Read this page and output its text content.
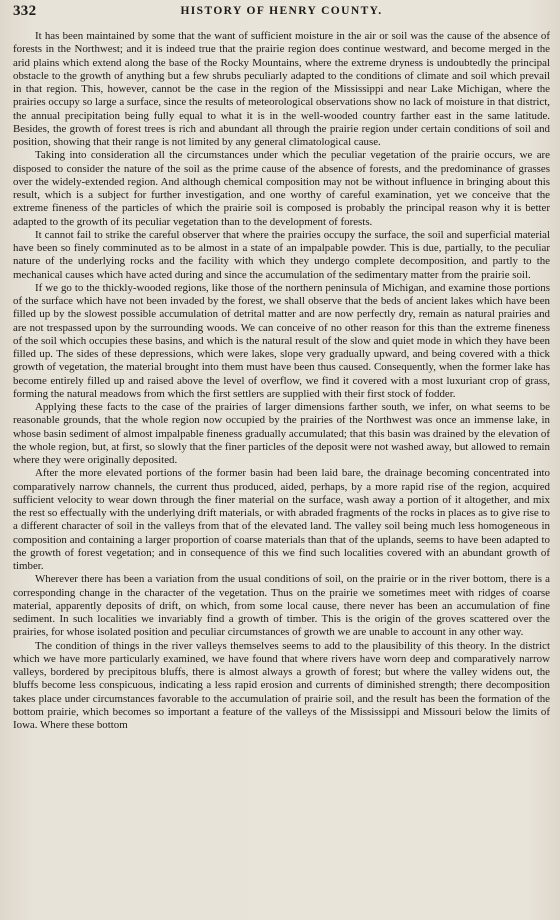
332	HISTORY OF HENRY COUNTY.

It has been maintained by some that the want of sufficient moisture in the air or soil was the cause of the absence of forests in the Northwest; and it is indeed true that the prairie region does continue westward, and become merged in the arid plains which extend along the base of the Rocky Mountains, where the extreme dryness is undoubtedly the principal obstacle to the growth of anything but a few shrubs peculiarly adapted to the conditions of climate and soil which prevail in that region. This, however, cannot be the case in the region of the Mississippi and near Lake Michigan, where the prairies occupy so large a surface, since the results of meteorological observations show no lack of moisture in that district, the annual precipitation being fully equal to what it is in the well-wooded country farther east in the same latitude. Besides, the growth of forest trees is rich and abundant all through the prairie region under certain conditions of soil and position, showing that their range is not limited by any general climatological cause.

Taking into consideration all the circumstances under which the peculiar vegetation of the prairie occurs, we are disposed to consider the nature of the soil as the prime cause of the absence of forests, and the predominance of grasses over the widely-extended region. And although chemical composition may not be without influence in bringing about this result, which is a subject for further investigation, and one worthy of careful examination, yet we conceive that the extreme fineness of the particles of which the prairie soil is composed is probably the principal reason why it is better adapted to the growth of its peculiar vegetation than to the development of forests.

It cannot fail to strike the careful observer that where the prairies occupy the surface, the soil and superficial material have been so finely comminuted as to be almost in a state of an impalpable powder. This is due, partially, to the peculiar nature of the underlying rocks and the facility with which they undergo complete decomposition, and partly to the mechanical causes which have acted during and since the accumulation of the sedimentary matter from the prairie soil.

If we go to the thickly-wooded regions, like those of the northern peninsula of Michigan, and examine those portions of the surface which have not been invaded by the forest, we shall observe that the beds of ancient lakes which have been filled up by the slowest possible accumulation of detrital matter and are now perfectly dry, remain as natural prairies and are not trespassed upon by the surrounding woods. We can conceive of no other reason for this than the extreme fineness of the soil which occupies these basins, and which is the natural result of the slow and quiet mode in which they have been filled up. The sides of these depressions, which were lakes, slope very gradually upward, and being covered with a thick growth of vegetation, the material brought into them must have been thus caused. Consequently, when the former lake has become entirely filled up and raised above the level of overflow, we find it covered with a most luxuriant crop of grass, forming the natural meadows from which the first settlers are supplied with their first stock of fodder.

Applying these facts to the case of the prairies of larger dimensions farther south, we infer, on what seems to be reasonable grounds, that the whole region now occupied by the prairies of the Northwest was once an immense lake, in whose basin sediment of almost impalpable fineness gradually accumulated; that this basin was drained by the elevation of the whole region, but, at first, so slowly that the finer particles of the deposit were not washed away, but allowed to remain where they were originally deposited.

After the more elevated portions of the former basin had been laid bare, the drainage becoming concentrated into comparatively narrow channels, the current thus produced, aided, perhaps, by a more rapid rise of the region, acquired sufficient velocity to wear down through the finer material on the surface, wash away a portion of it altogether, and mix the rest so effectually with the underlying drift materials, or with abraded fragments of the rocks in places as to give rise to a different character of soil in the valleys from that of the elevated land. The valley soil being much less homogeneous in composition and containing a larger proportion of coarse materials than that of the uplands, seems to have been adapted to the growth of forest vegetation; and in consequence of this we find such localities covered with an abundant growth of timber.

Wherever there has been a variation from the usual conditions of soil, on the prairie or in the river bottom, there is a corresponding change in the character of the vegetation. Thus on the prairie we sometimes meet with ridges of coarse material, apparently deposits of drift, on which, from some local cause, there never has been an accumulation of fine sediment. In such localities we invariably find a growth of timber. This is the origin of the groves scattered over the prairies, for whose isolated position and peculiar circumstances of growth we are unable to account in any other way.

The condition of things in the river valleys themselves seems to add to the plausibility of this theory. In the district which we have more particularly examined, we have found that where rivers have worn deep and comparatively narrow valleys, bordered by precipitous bluffs, there is almost always a growth of forest; but where the valley widens out, the bluffs become less conspicuous, indicating a less rapid erosion and currents of diminished strength; there decomposition takes place under circumstances favorable to the accumulation of prairie soil, and the result has been the formation of the bottom prairie, which becomes so important a feature of the valleys of the Mississippi and Missouri below the limits of Iowa. Where these bottom
